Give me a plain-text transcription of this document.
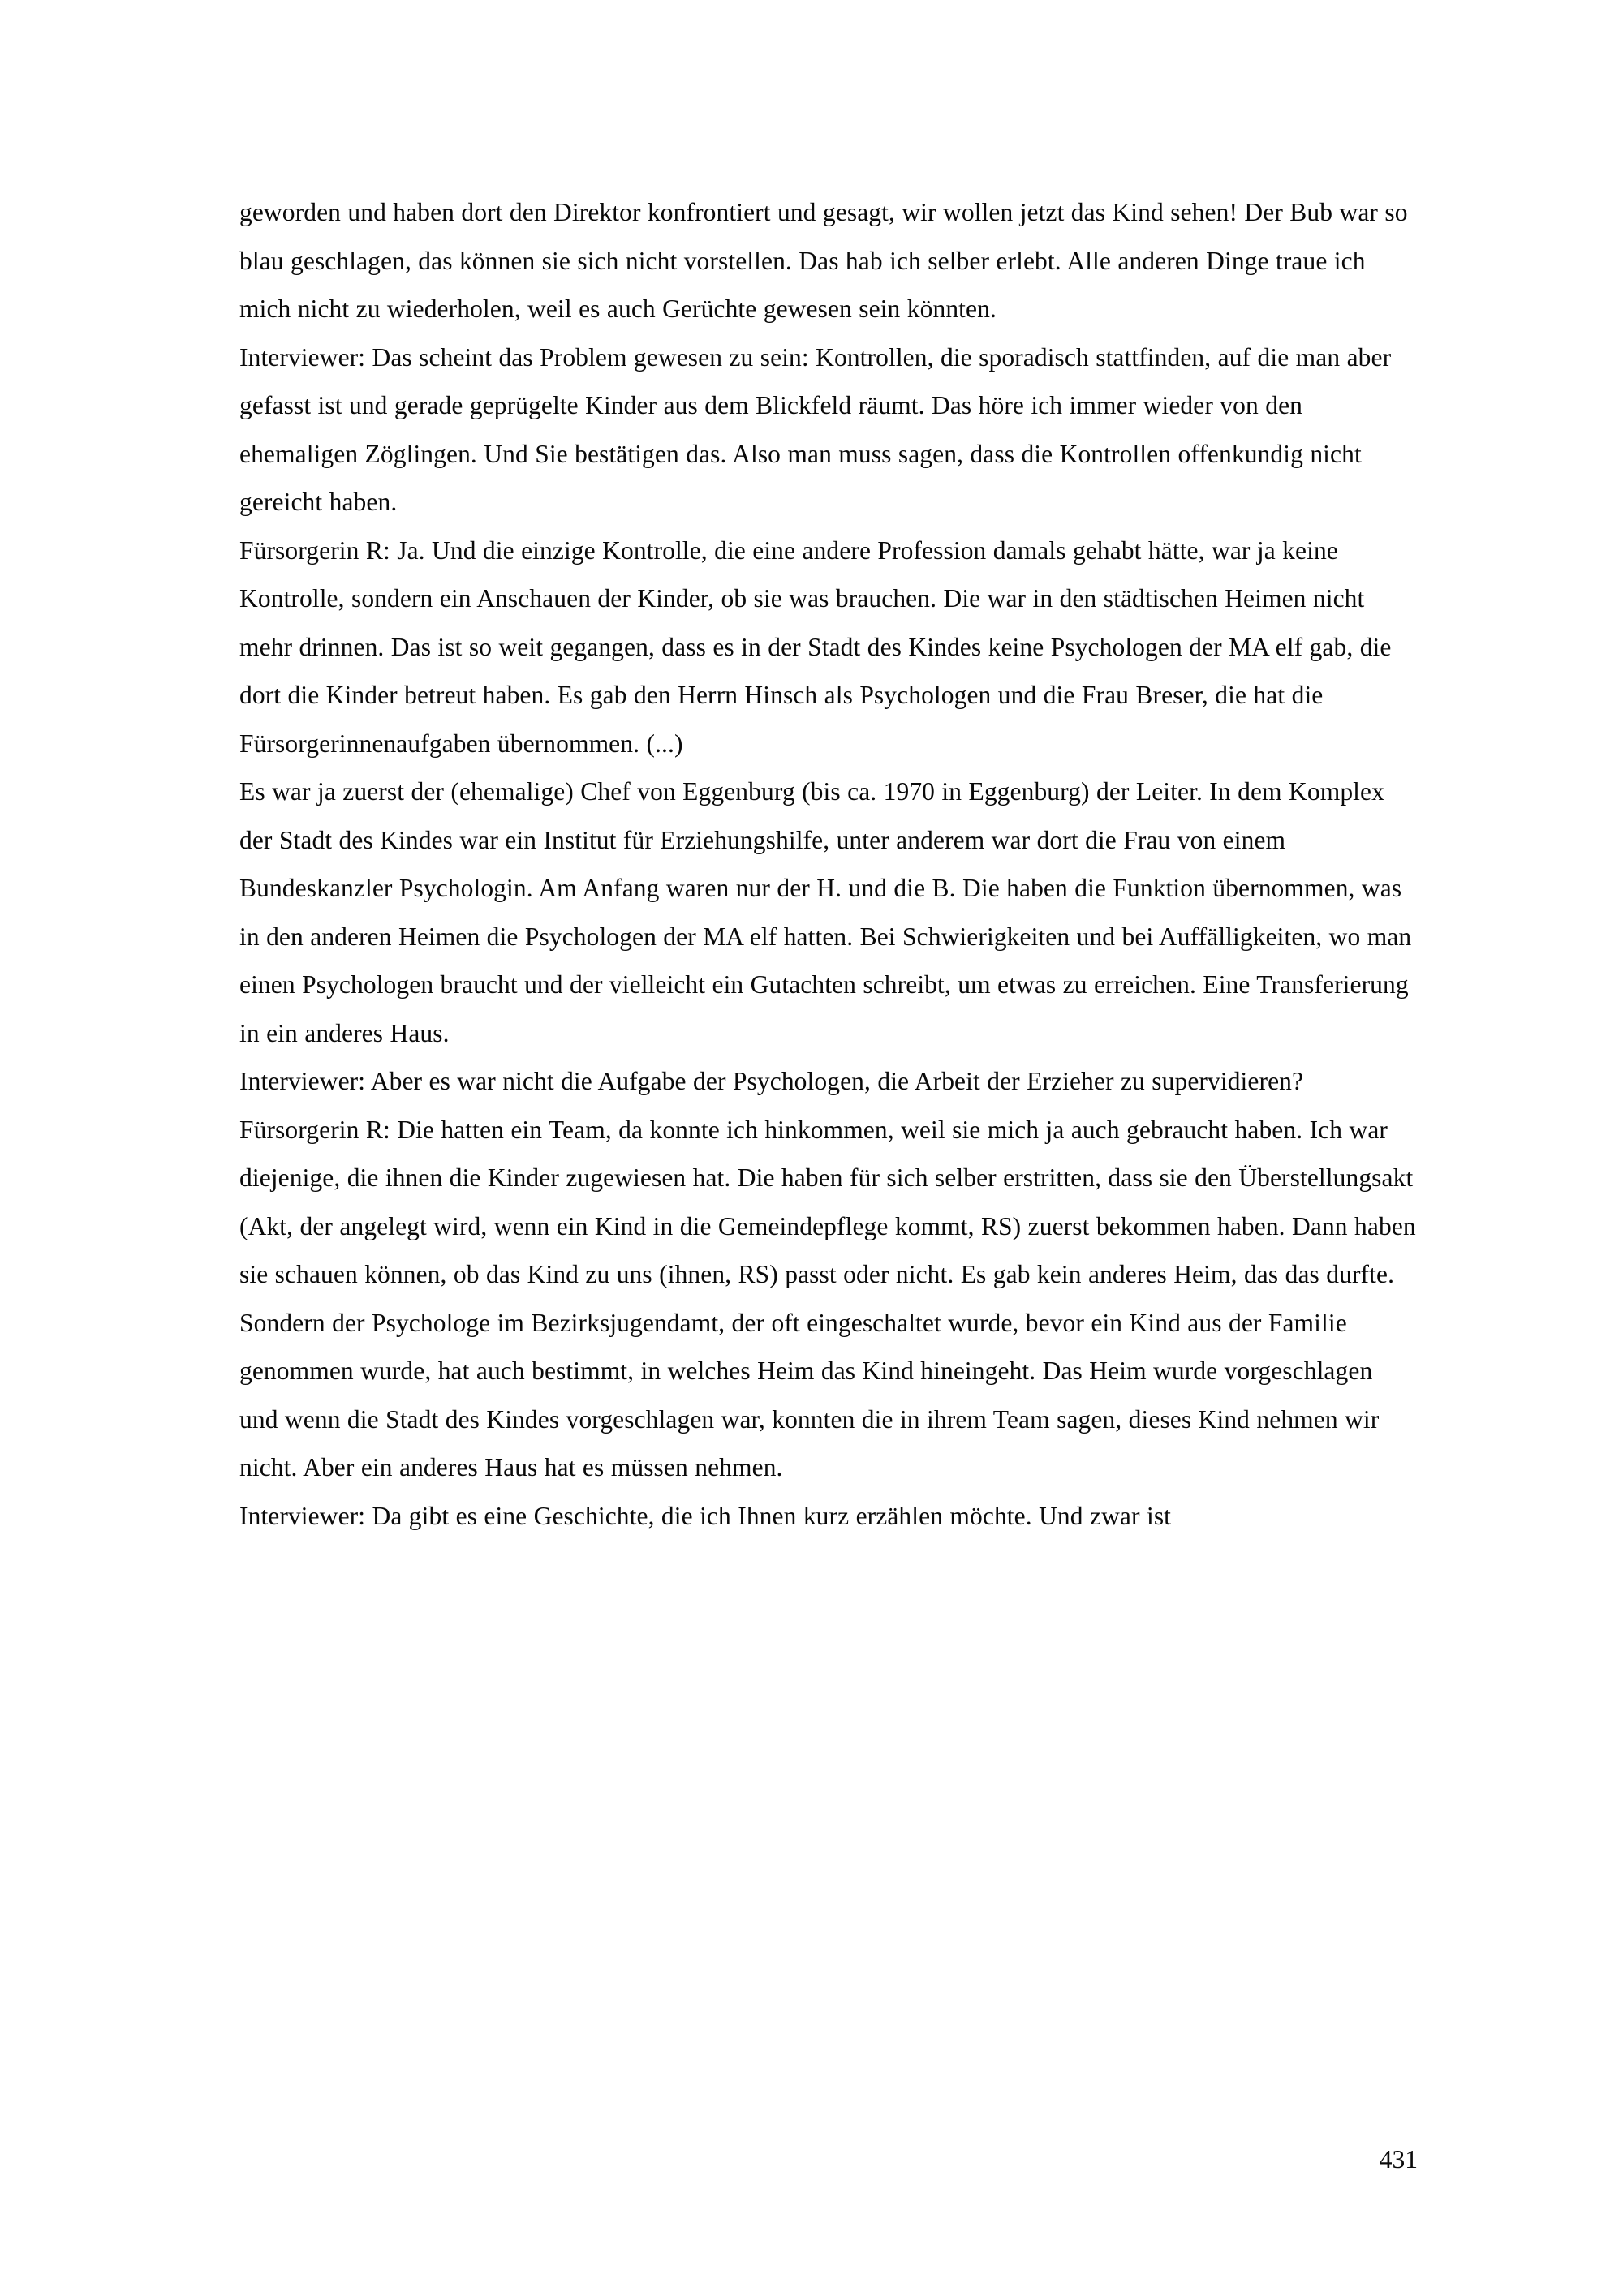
geworden und haben dort den Direktor konfrontiert und gesagt, wir wollen jetzt das Kind sehen! Der Bub war so blau geschlagen, das können sie sich nicht vorstellen. Das hab ich selber erlebt. Alle anderen Dinge traue ich mich nicht zu wiederholen, weil es auch Gerüchte gewesen sein könnten.

Interviewer: Das scheint das Problem gewesen zu sein: Kontrollen, die sporadisch stattfinden, auf die man aber gefasst ist und gerade geprügelte Kinder aus dem Blickfeld räumt. Das höre ich immer wieder von den ehemaligen Zöglingen. Und Sie bestätigen das. Also man muss sagen, dass die Kontrollen offenkundig nicht gereicht haben.

Fürsorgerin R: Ja. Und die einzige Kontrolle, die eine andere Profession damals gehabt hätte, war ja keine Kontrolle, sondern ein Anschauen der Kinder, ob sie was brauchen. Die war in den städtischen Heimen nicht mehr drinnen. Das ist so weit gegangen, dass es in der Stadt des Kindes keine Psychologen der MA elf gab, die dort die Kinder betreut haben. Es gab den Herrn Hinsch als Psychologen und die Frau Breser, die hat die Fürsorgerinnenaufgaben übernommen. (...)

Es war ja zuerst der (ehemalige) Chef von Eggenburg (bis ca. 1970 in Eggenburg) der Leiter. In dem Komplex der Stadt des Kindes war ein Institut für Erziehungshilfe, unter anderem war dort die Frau von einem Bundeskanzler Psychologin. Am Anfang waren nur der H. und die B. Die haben die Funktion übernommen, was in den anderen Heimen die Psychologen der MA elf hatten. Bei Schwierigkeiten und bei Auffälligkeiten, wo man einen Psychologen braucht und der vielleicht ein Gutachten schreibt, um etwas zu erreichen. Eine Transferierung in ein anderes Haus.

Interviewer: Aber es war nicht die Aufgabe der Psychologen, die Arbeit der Erzieher zu supervidieren?

Fürsorgerin R: Die hatten ein Team, da konnte ich hinkommen, weil sie mich ja auch gebraucht haben. Ich war diejenige, die ihnen die Kinder zugewiesen hat. Die haben für sich selber erstritten, dass sie den Überstellungsakt (Akt, der angelegt wird, wenn ein Kind in die Gemeindepflege kommt, RS) zuerst bekommen haben. Dann haben sie schauen können, ob das Kind zu uns (ihnen, RS) passt oder nicht. Es gab kein anderes Heim, das das durfte. Sondern der Psychologe im Bezirksjugendamt, der oft eingeschaltet wurde, bevor ein Kind aus der Familie genommen wurde, hat auch bestimmt, in welches Heim das Kind hineingeht. Das Heim wurde vorgeschlagen und wenn die Stadt des Kindes vorgeschlagen war, konnten die in ihrem Team sagen, dieses Kind nehmen wir nicht. Aber ein anderes Haus hat es müssen nehmen.

Interviewer: Da gibt es eine Geschichte, die ich Ihnen kurz erzählen möchte. Und zwar ist

431
